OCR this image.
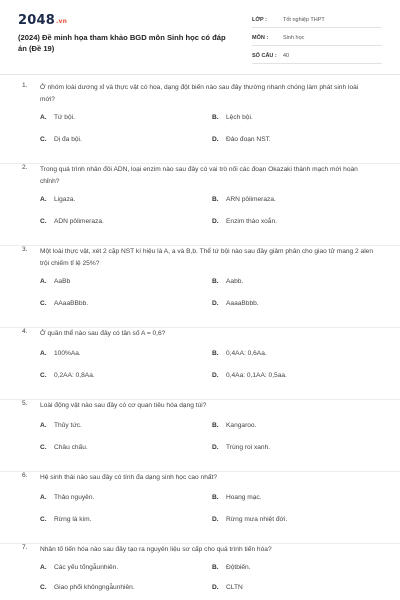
2048.vn
(2024) Đề minh họa tham khảo BGD môn Sinh học có đáp án (Đề 19)
LỚP :	Tốt nghiệp THPT
MÔN :	Sinh học
SỐ CÂU :	40
1. Ở nhóm loài dương xỉ và thực vật có hoa, dạng đột biến nào sau đây thường nhanh chóng làm phát sinh loài mới?
A. Tứ bội.	B. Lệch bội.
C. Dị đa bội.	D. Đảo đoạn NST.
2. Trong quá trình nhân đôi ADN, loại enzim nào sau đây có vai trò nối các đoạn Okazaki thành mạch mới hoàn chỉnh?
A. Ligaza.	B. ARN pôlimeraza.
C. ADN pôlimeraza.	D. Enzim tháo xoắn.
3. Một loài thực vật, xét 2 cặp NST kí hiệu là A, a và B,b. Thể tứ bội nào sau đây giảm phân cho giao tử mang 2 alen trội chiếm tỉ lệ 25%?
A. AaBb	B. Aabb.
C. AAaaBBbb.	D. AaaaBbbb.
4. Ở quần thể nào sau đây có tần số A = 0,6?
A. 100%Aa.	B. 0,4AA: 0,6Aa.
C. 0,2AA: 0,8Aa.	D. 0,4Aa: 0,1AA: 0,5aa.
5. Loài động vật nào sau đây có cơ quan tiêu hóa dạng túi?
A. Thủy tức.	B. Kangaroo.
C. Châu chấu.	D. Trùng roi xanh.
6. Hệ sinh thái nào sau đây có tính đa dạng sinh học cao nhất?
A. Thảo nguyên.	B. Hoang mạc.
C. Rừng lá kim.	D. Rừng mưa nhiệt đới.
7. Nhân tố tiến hóa nào sau đây tạo ra nguyên liệu sơ cấp cho quá trình tiến hóa?
A. Các yếu tốngẫunhiên.	B. Độtbiến.
C. Giao phối khôngngẫunhiên.	D. CLTN
